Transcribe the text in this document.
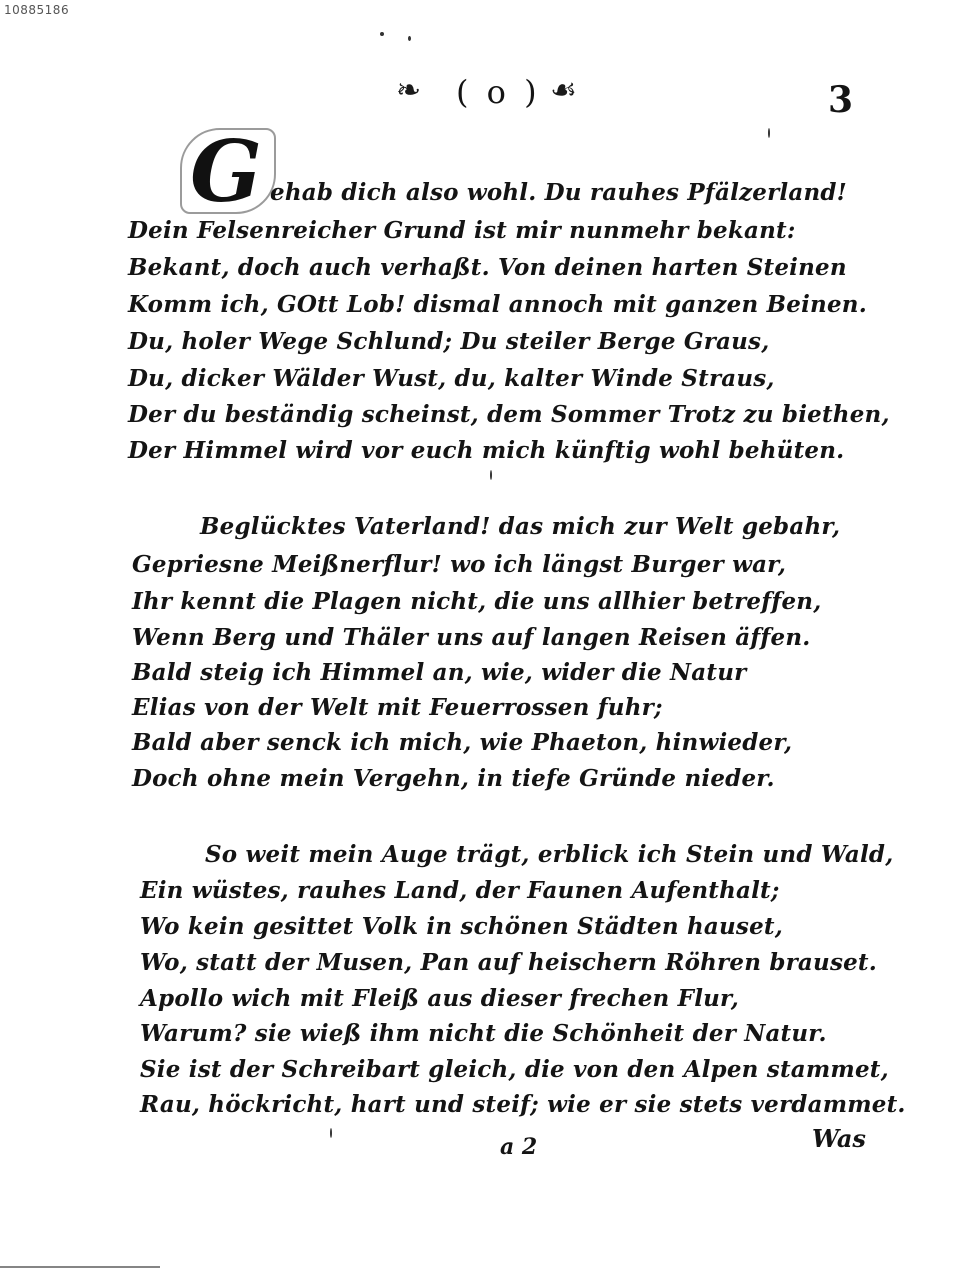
10885186
❧ ( o ) ☙	3
G ehab dich also wohl. Du rauhes Pfälzerland!
Dein Felsenreicher Grund ist mir nunmehr bekant:
Bekant, doch auch verhaßt. Von deinen harten Steinen
Komm ich, GOtt Lob! dismal annoch mit ganzen Beinen.
Du, holer Wege Schlund; Du steiler Berge Graus,
Du, dicker Wälder Wust, du, kalter Winde Straus,
Der du beständig scheinst, dem Sommer Trotz zu biethen,
Der Himmel wird vor euch mich künftig wohl behüten.
Beglücktes Vaterland! das mich zur Welt gebahr,
Gepriesne Meißnerflur! wo ich längst Burger war,
Ihr kennt die Plagen nicht, die uns allhier betreffen,
Wenn Berg und Thäler uns auf langen Reisen äffen.
Bald steig ich Himmel an, wie, wider die Natur
Elias von der Welt mit Feuerrossen fuhr;
Bald aber senck ich mich, wie Phaeton, hinwieder,
Doch ohne mein Vergehn, in tiefe Gründe nieder.
So weit mein Auge trägt, erblick ich Stein und Wald,
Ein wüstes, rauhes Land, der Faunen Aufenthalt;
Wo kein gesittet Volk in schönen Städten hauset,
Wo, statt der Musen, Pan auf heischern Röhren brauset.
Apollo wich mit Fleiß aus dieser frechen Flur,
Warum? sie wieß ihm nicht die Schönheit der Natur.
Sie ist der Schreibart gleich, die von den Alpen stammet,
Rau, höckricht, hart und steif; wie er sie stets verdammet.
a 2	Was
